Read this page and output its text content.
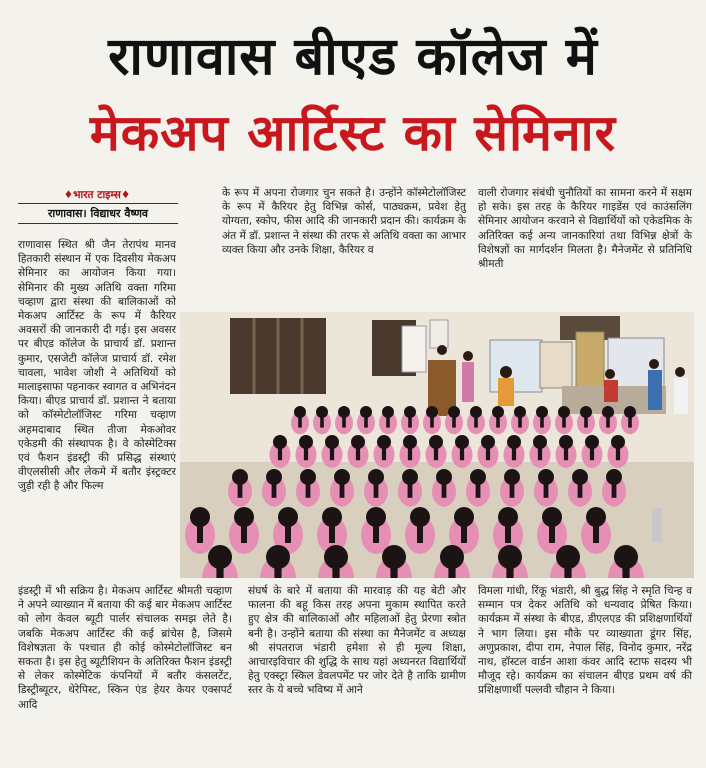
राणावास बीएड कॉलेज में
मेकअप आर्टिस्ट का सेमिनार
♦भारत टाइम्स♦
राणावास। विद्याधर वैष्णव

राणावास स्थित श्री जैन तेरापंथ मानव हितकारी संस्थान में एक दिवसीय मेकअप सेमिनार का आयोजन किया गया। सेमिनार की मुख्य अतिथि वक्ता गरिमा चव्हाण द्वारा संस्था की बालिकाओं को मेकअप आर्टिस्ट के रूप में कैरियर अवसरों की जानकारी दी गई। इस अवसर पर बीएड कॉलेज के प्राचार्य डॉ. प्रशान्त कुमार, एसजेटी कॉलेज प्राचार्य डॉ. रमेश चावला, भावेश जोशी ने अतिथियों को मालाइसाफा पहनाकर स्वागत व अभिनंदन किया। बीएड प्राचार्य डॉ. प्रशान्त ने बताया को कॉस्मेटोलॉजिस्ट गरिमा चव्हाण अहमदाबाद स्थित तीजा मेकओवर एकेडमी की संस्थापक है। वे कोस्मेटिक्स एवं फैशन इंडस्ट्री की प्रसिद्ध संस्थाएं वीएलसीसी और लेकमे में बतौर इंस्ट्रक्टर जुड़ी रही है और फिल्म

के रूप में अपना रोजगार चुन सकते है। उन्होंने कॉस्मेटोलॉजिस्ट के रूप में कैरियर हेतु विभिन्न कोर्स, पाठ्यक्रम, प्रवेश हेतु योग्यता, स्कोप, फीस आदि की जानकारी प्रदान की। कार्यक्रम के अंत में डॉ. प्रशान्त ने संस्था की तरफ से अतिथि वक्ता का आभार व्यक्त किया और उनके शिक्षा, कैरियर व

वाली रोजगार संबंधी चुनौतियों का सामना करने में सक्षम हो सके। इस तरह के कैरियर गाइडेंस एवं काउंसलिंग सेमिनार आयोजन करवाने से विद्यार्थियों को एकेडमिक के अतिरिक्त कई अन्य जानकारियां तथा विभिन्न क्षेत्रों के विशेषज्ञों का मार्गदर्शन मिलता है। मैनेजमेंट से प्रतिनिधि श्रीमती

इंडस्ट्री में भी सक्रिय है। मेकअप आर्टिस्ट श्रीमती चव्हाण ने अपने व्याख्यान में बताया की कई बार मेकअप आर्टिस्ट को लोग केवल ब्यूटी पार्लर संचालक समझ लेते है। जबकि मेकअप आर्टिस्ट की कई ब्रांचेस है, जिसमे विशेषज्ञता के पश्चात ही कोई कोस्मेटोलॉजिस्ट बन सकता है। इस हेतु ब्यूटीशियन के अतिरिक्त फैशन इंडस्ट्री से लेकर कोस्मेटिक कंपनियों में बतौर कंसलटेंट, डिस्ट्रीब्यूटर, थेरेपिस्ट, स्किन एंड हेयर केयर एक्सपर्ट आदि

संघर्ष के बारे में बताया की मारवाड़ की यह बेटी और फालना की बहू किस तरह अपना मुकाम स्थापित करते हुए क्षेत्र की बालिकाओं और महिलाओं हेतु प्रेरणा स्त्रोत बनी है। उन्होंने बताया की संस्था का मैनेजमेंट व अध्यक्ष श्री संपतराज भंडारी हमेशा से ही मूल्य शिक्षा, आचारइविचार की शुद्धि के साथ यहां अध्यनरत विद्यार्थियों हेतु एक्स्ट्रा स्किल डेवलपमेंट पर जोर देते है ताकि ग्रामीण स्तर के ये बच्चे भविष्य में आने

विमला गांधी, रिंकू भंडारी, श्री बुद्ध सिंह ने स्मृति चिन्ह व सम्मान पत्र देकर अतिथि को धन्यवाद प्रेषित किया। कार्यक्रम में संस्था के बीएड, डीएलएड की प्रशिक्षणार्थियों ने भाग लिया। इस मौके पर व्याख्याता डूंगर सिंह, अणुप्रकाश, दीपा राम, नेपाल सिंह, विनोद कुमार, नरेंद्र नाथ, हॉस्टल वार्डन आशा कंवर आदि स्टाफ सदस्य भी मौजूद रहे। कार्यक्रम का संचालन बीएड प्रथम वर्ष की प्रशिक्षणार्थी पल्लवी चौहान ने किया।
